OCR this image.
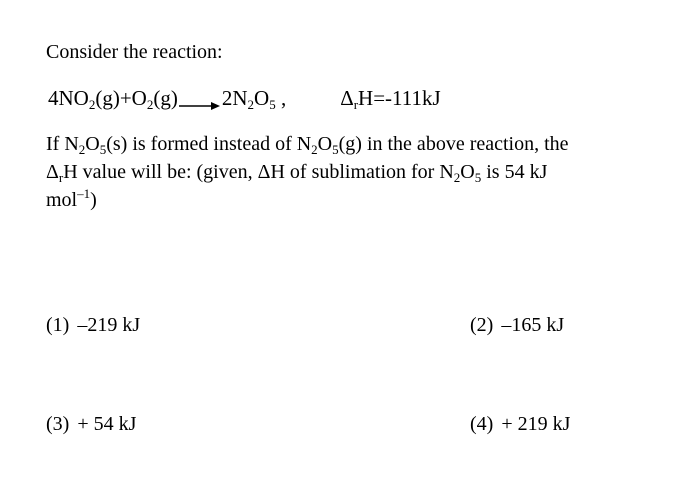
Consider the reaction:
$4NO_2(g)+O_2(g)\to 2N_2O_5$ ,	$\Delta_rH=-111kJ$
If $N_2O_5(s)$ is formed instead of $N_2O_5(g)$ in the above reaction, the
$\Delta_rH$ value will be: (given, ΔH of sublimation for $N_2O_5$ is 54 kJ
mol$^{-1}$)
(1) –219 kJ	(2) –165 kJ
(3) + 54 kJ	(4) + 219 kJ
